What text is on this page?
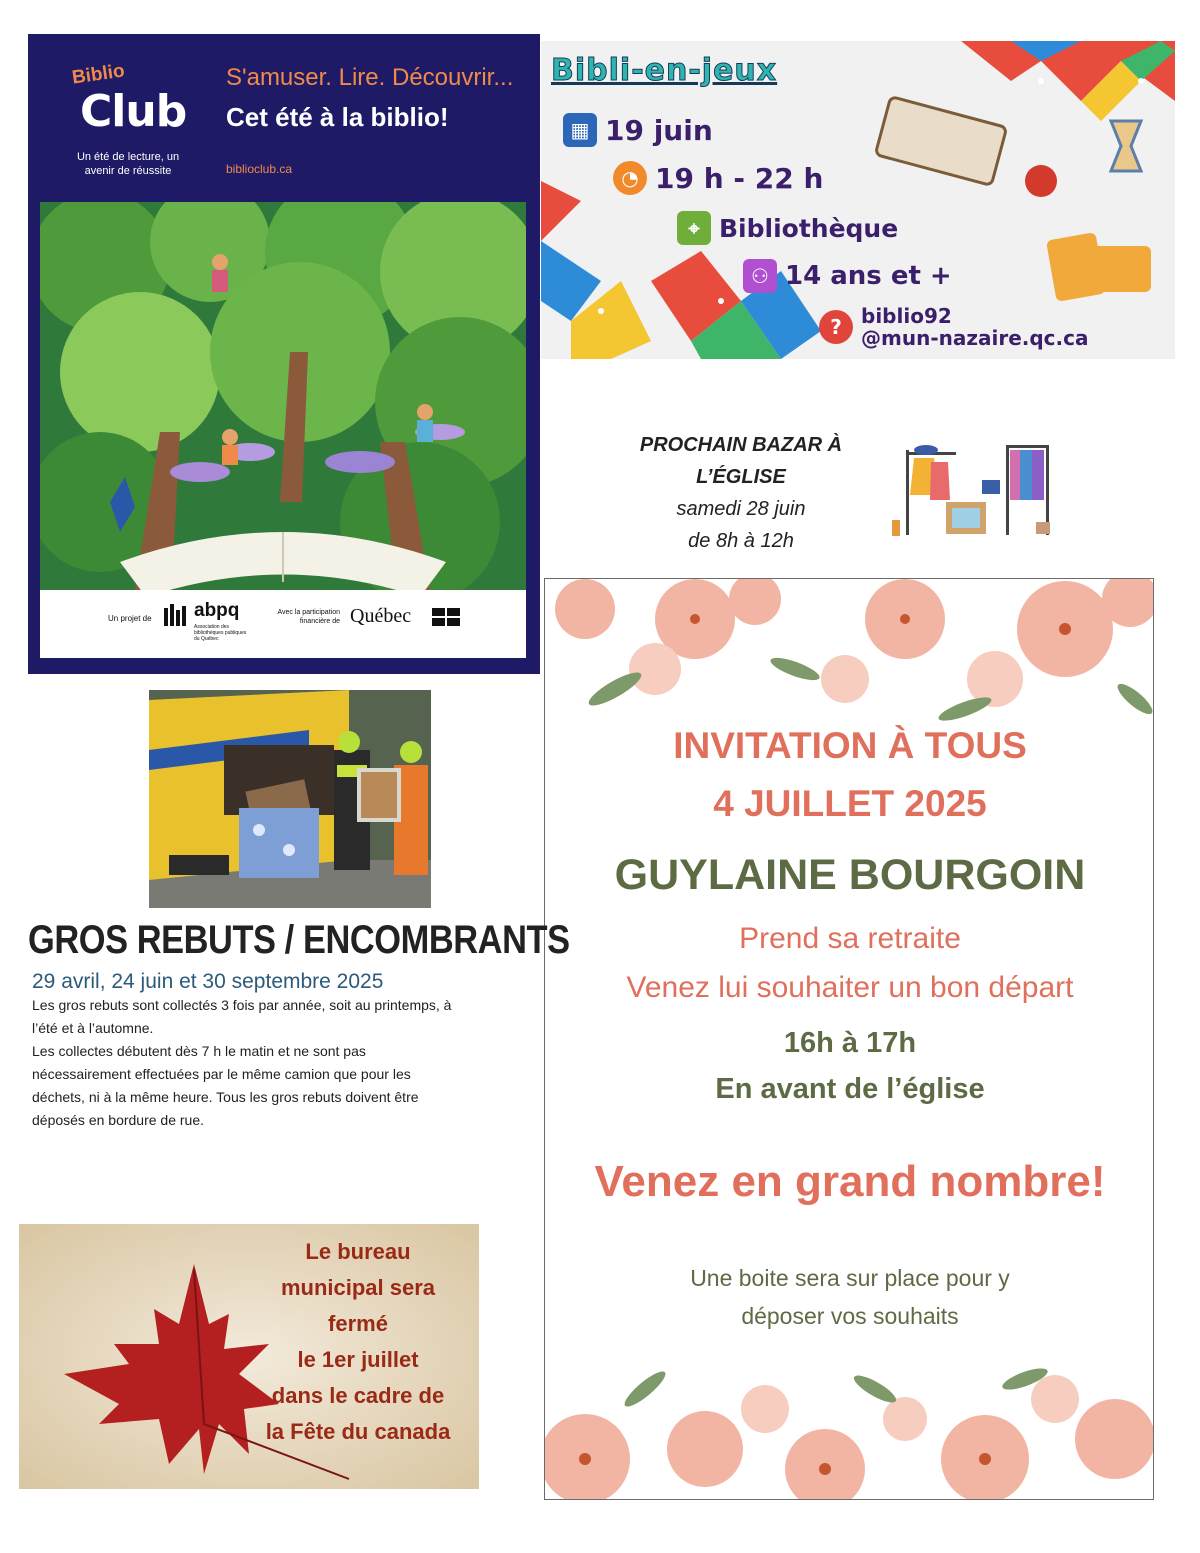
Biblio
Club
Un été de lecture, un avenir de réussite
S'amuser. Lire. Découvrir...
Cet été à la biblio!
biblioclub.ca
Un projet de abpq
Association des bibliothèques publiques du Québec
Avec la participation financière de Québec
Bibli-en-jeux
▦ 19 juin
◔ 19 h - 22 h
⌖ Bibliothèque
⚇ 14 ans et +
? biblio92
@mun-nazaire.qc.ca
PROCHAIN BAZAR À
L’ÉGLISE
samedi 28 juin
de 8h à 12h
INVITATION À TOUS
4 JUILLET 2025
GUYLAINE BOURGOIN
Prend sa retraite
Venez lui souhaiter un bon départ
16h à 17h
En avant de l’église
Venez en grand nombre!
Une boite sera sur place pour y
déposer vos souhaits
GROS REBUTS / ENCOMBRANTS
29 avril, 24 juin et 30 septembre 2025

Les gros rebuts sont collectés 3 fois par année, soit au printemps, à l’été et à l’automne.

Les collectes débutent dès 7 h le matin et ne sont pas nécessairement effectuées par le même camion que pour les déchets, ni à la même heure. Tous les gros rebuts doivent être déposés en bordure de rue.

Le bureau
municipal sera
fermé
le 1er juillet
dans le cadre de
la Fête du canada
